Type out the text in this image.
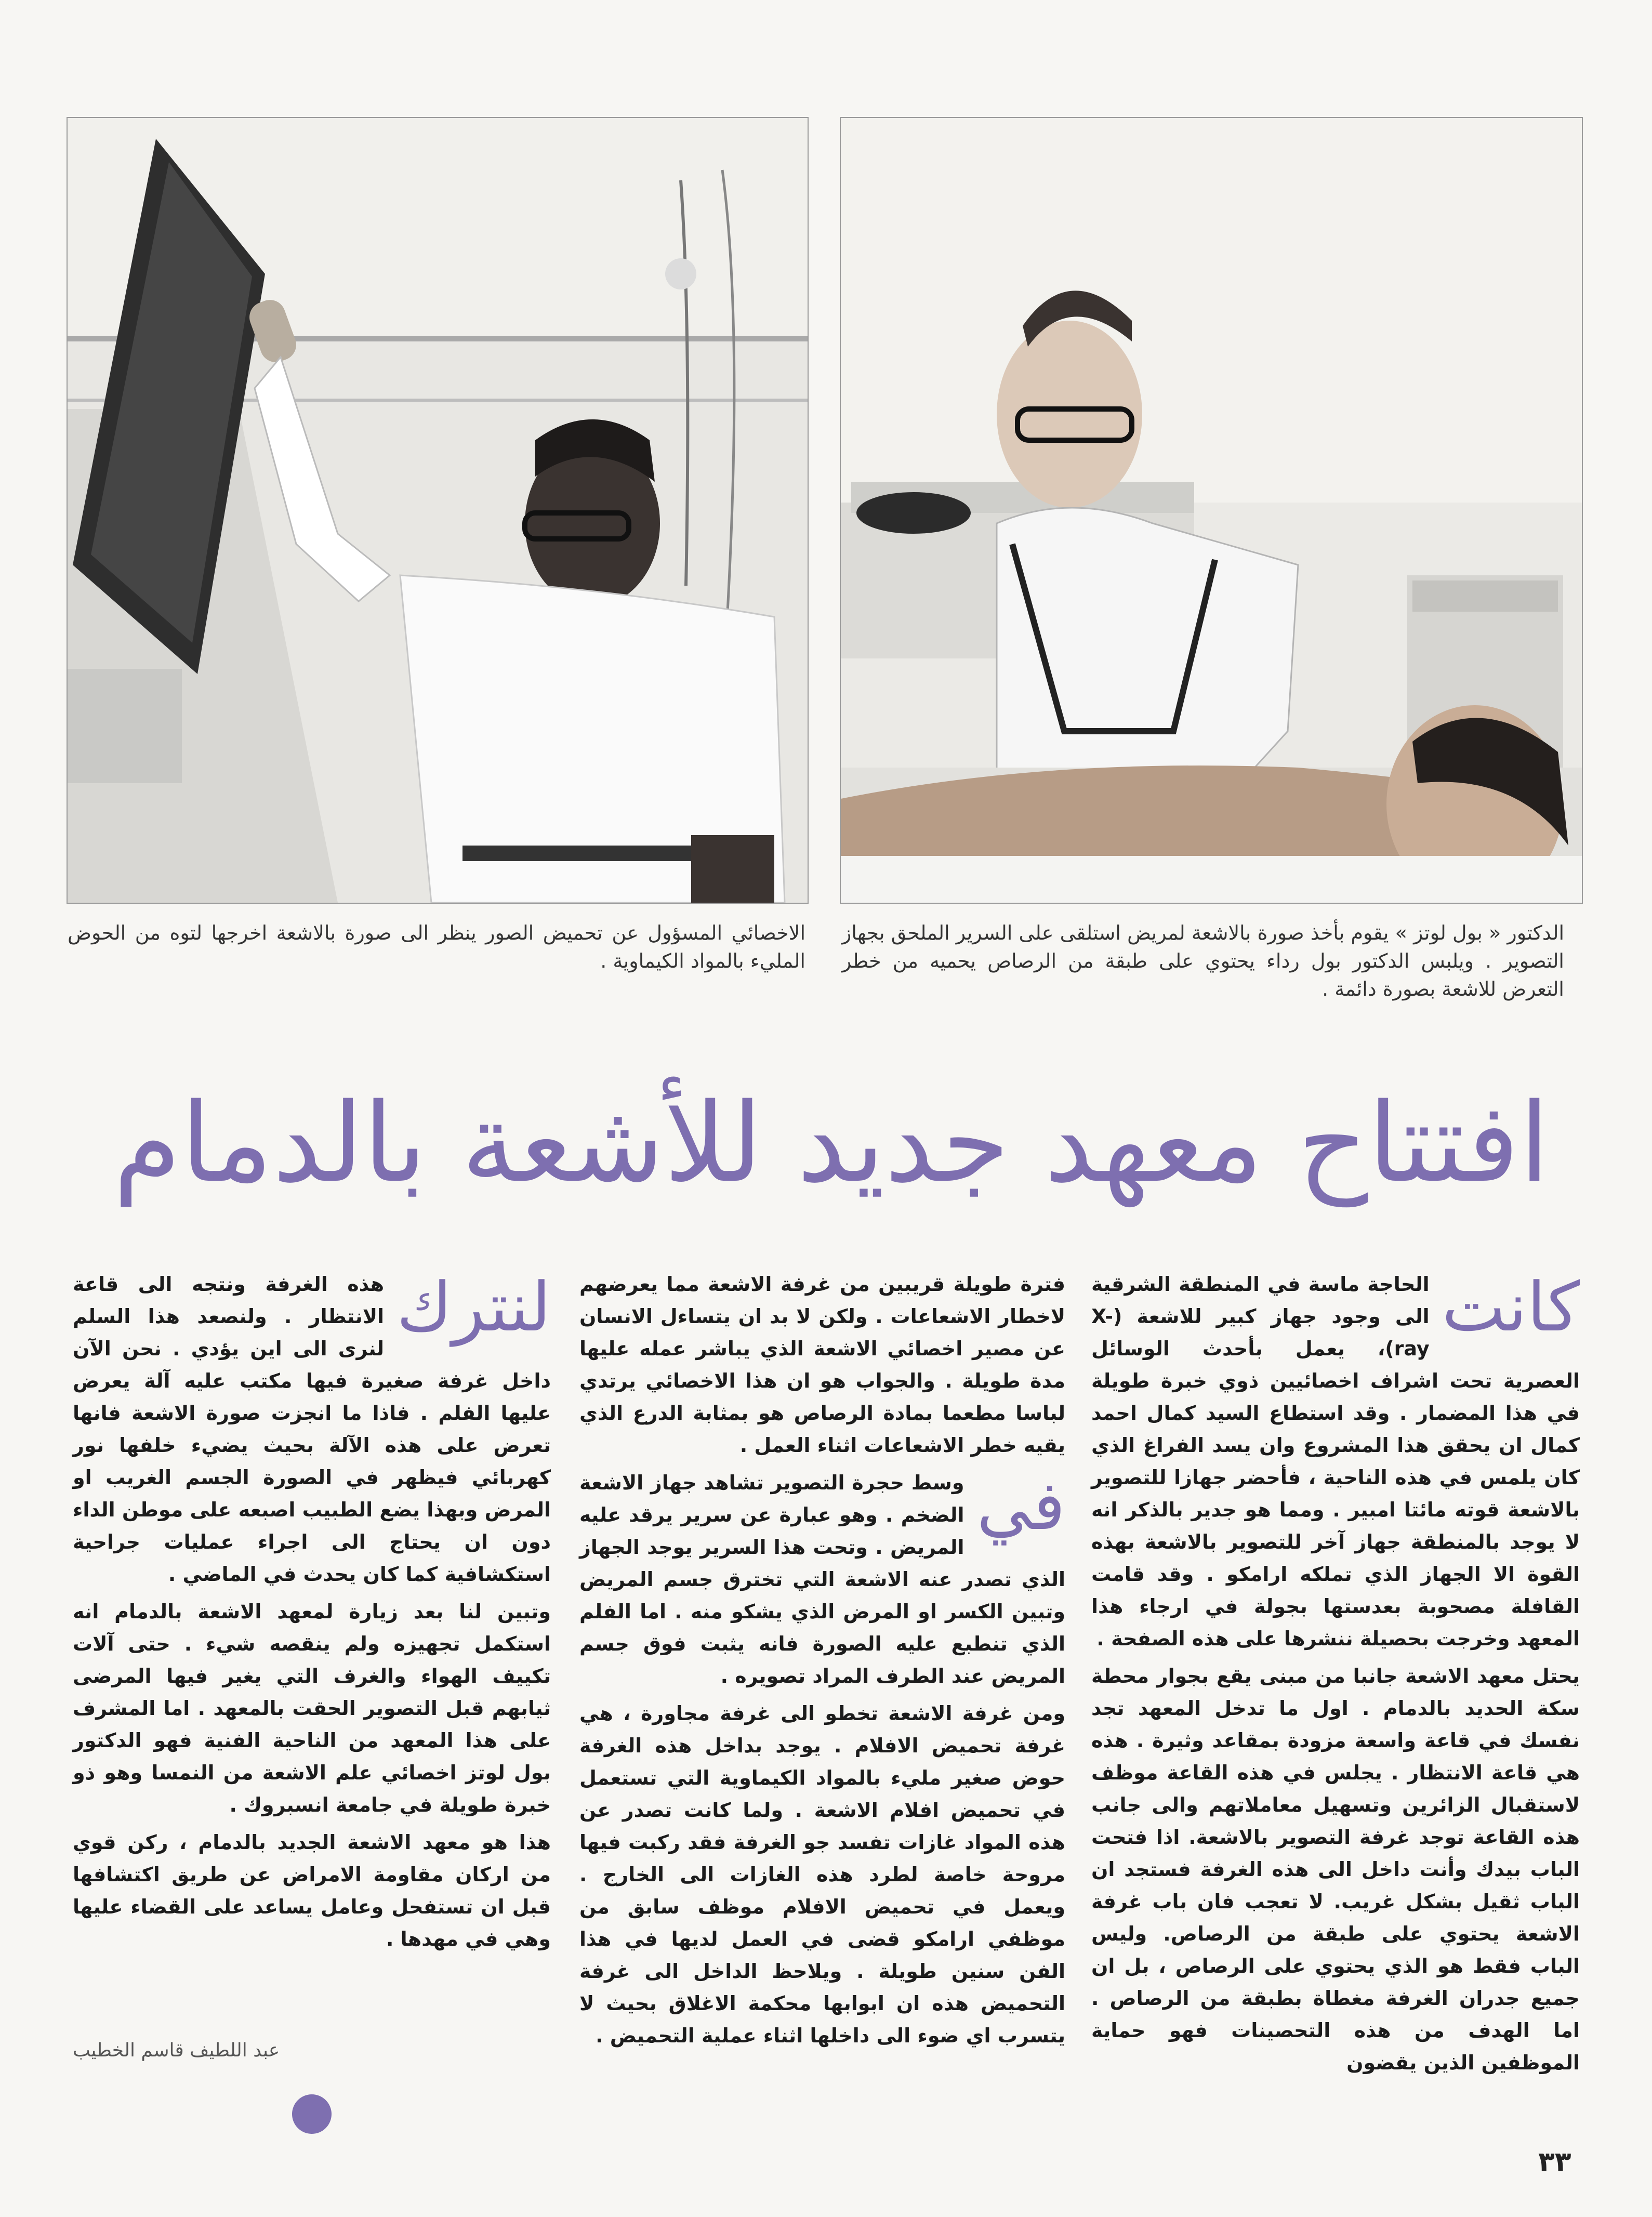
الدكتور « بول لوتز » يقوم بأخذ صورة بالاشعة لمريض استلقى على السرير الملحق بجهاز التصوير . ويلبس الدكتور بول رداء يحتوي على طبقة من الرصاص يحميه من خطر التعرض للاشعة بصورة دائمة .

الاخصائي المسؤول عن تحميض الصور ينظر الى صورة بالاشعة اخرجها لتوه من الحوض المليء بالمواد الكيماوية .

افتتاح معهد جديد للأشعة بالدمام
كانت

الحاجة ماسة في المنطقة الشرقية الى وجود جهاز كبير للاشعة (X-ray)، يعمل بأحدث الوسائل العصرية تحت اشراف اخصائيين ذوي خبرة طويلة في هذا المضمار . وقد استطاع السيد كمال احمد كمال ان يحقق هذا المشروع وان يسد الفراغ الذي كان يلمس في هذه الناحية ، فأحضر جهازا للتصوير بالاشعة قوته مائتا امبير . ومما هو جدير بالذكر انه لا يوجد بالمنطقة جهاز آخر للتصوير بالاشعة بهذه القوة الا الجهاز الذي تملكه ارامكو . وقد قامت القافلة مصحوبة بعدستها بجولة في ارجاء هذا المعهد وخرجت بحصيلة ننشرها على هذه الصفحة .

يحتل معهد الاشعة جانبا من مبنى يقع بجوار محطة سكة الحديد بالدمام . اول ما تدخل المعهد تجد نفسك في قاعة واسعة مزودة بمقاعد وثيرة . هذه هي قاعة الانتظار . يجلس في هذه القاعة موظف لاستقبال الزائرين وتسهيل معاملاتهم والى جانب هذه القاعة توجد غرفة التصوير بالاشعة. اذا فتحت الباب بيدك وأنت داخل الى هذه الغرفة فستجد ان الباب ثقيل بشكل غريب. لا تعجب فان باب غرفة الاشعة يحتوي على طبقة من الرصاص. وليس الباب فقط هو الذي يحتوي على الرصاص ، بل ان جميع جدران الغرفة مغطاة بطبقة من الرصاص . اما الهدف من هذه التحصينات فهو حماية الموظفين الذين يقضون

فترة طويلة قريبين من غرفة الاشعة مما يعرضهم لاخطار الاشعاعات . ولكن لا بد ان يتساءل الانسان عن مصير اخصائي الاشعة الذي يباشر عمله عليها مدة طويلة . والجواب هو ان هذا الاخصائي يرتدي لباسا مطعما بمادة الرصاص هو بمثابة الدرع الذي يقيه خطر الاشعاعات اثناء العمل .

في

وسط حجرة التصوير تشاهد جهاز الاشعة الضخم . وهو عبارة عن سرير يرقد عليه المريض . وتحت هذا السرير يوجد الجهاز الذي تصدر عنه الاشعة التي تخترق جسم المريض وتبين الكسر او المرض الذي يشكو منه . اما الفلم الذي تنطبع عليه الصورة فانه يثبت فوق جسم المريض عند الطرف المراد تصويره .

ومن غرفة الاشعة تخطو الى غرفة مجاورة ، هي غرفة تحميض الافلام . يوجد بداخل هذه الغرفة حوض صغير مليء بالمواد الكيماوية التي تستعمل في تحميض افلام الاشعة . ولما كانت تصدر عن هذه المواد غازات تفسد جو الغرفة فقد ركبت فيها مروحة خاصة لطرد هذه الغازات الى الخارج . ويعمل في تحميض الافلام موظف سابق من موظفي ارامكو قضى في العمل لديها في هذا الفن سنين طويلة . ويلاحظ الداخل الى غرفة التحميض هذه ان ابوابها محكمة الاغلاق بحيث لا يتسرب اي ضوء الى داخلها اثناء عملية التحميض .

لنترك

هذه الغرفة ونتجه الى قاعة الانتظار . ولنصعد هذا السلم لنرى الى اين يؤدي . نحن الآن داخل غرفة صغيرة فيها مكتب عليه آلة يعرض عليها الفلم . فاذا ما انجزت صورة الاشعة فانها تعرض على هذه الآلة بحيث يضيء خلفها نور كهربائي فيظهر في الصورة الجسم الغريب او المرض وبهذا يضع الطبيب اصبعه على موطن الداء دون ان يحتاج الى اجراء عمليات جراحية استكشافية كما كان يحدث في الماضي .

وتبين لنا بعد زيارة لمعهد الاشعة بالدمام انه استكمل تجهيزه ولم ينقصه شيء . حتى آلات تكييف الهواء والغرف التي يغير فيها المرضى ثيابهم قبل التصوير الحقت بالمعهد . اما المشرف على هذا المعهد من الناحية الفنية فهو الدكتور بول لوتز اخصائي علم الاشعة من النمسا وهو ذو خبرة طويلة في جامعة انسبروك .

هذا هو معهد الاشعة الجديد بالدمام ، ركن قوي من اركان مقاومة الامراض عن طريق اكتشافها قبل ان تستفحل وعامل يساعد على القضاء عليها وهي في مهدها .

عبد اللطيف قاسم الخطيب
٣٣
